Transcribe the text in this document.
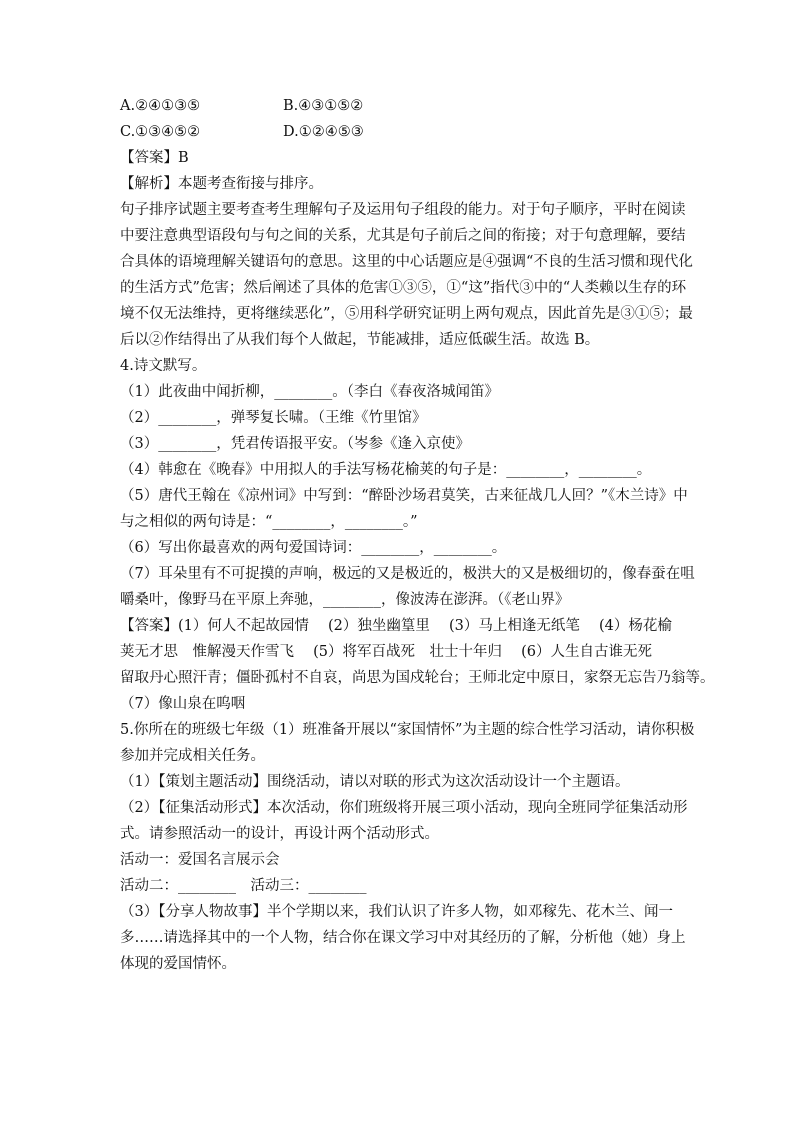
A.②④①③⑤	B.④③①⑤②
C.①③④⑤②	D.①②④⑤③
【答案】B
【解析】本题考查衔接与排序。
句子排序试题主要考查考生理解句子及运用句子组段的能力。对于句子顺序，平时在阅读
中要注意典型语段句与句之间的关系，尤其是句子前后之间的衔接；对于句意理解，要结
合具体的语境理解关键语句的意思。这里的中心话题应是④强调“不良的生活习惯和现代化
的生活方式”危害；然后阐述了具体的危害①③⑤，①“这”指代③中的“人类赖以生存的环
境不仅无法维持，更将继续恶化”，⑤用科学研究证明上两句观点，因此首先是③①⑤；最
后以②作结得出了从我们每个人做起，节能减排，适应低碳生活。故选 B。
4.诗文默写。
（1）此夜曲中闻折柳，________。（李白《春夜洛城闻笛》
（2）________，弹琴复长啸。（王维《竹里馆》
（3）________，凭君传语报平安。（岑参《逢入京使》
（4）韩愈在《晚春》中用拟人的手法写杨花榆荚的句子是：________，________。
（5）唐代王翰在《凉州词》中写到：“醉卧沙场君莫笑，古来征战几人回？”《木兰诗》中
与之相似的两句诗是：“________，________。”
（6）写出你最喜欢的两句爱国诗词：________，________。
（7）耳朵里有不可捉摸的声响，极远的又是极近的，极洪大的又是极细切的，像春蚕在咀
嚼桑叶，像野马在平原上奔驰，________，像波涛在澎湃。（《老山界》
【答案】(1）何人不起故园情　 (2）独坐幽篁里　 (3）马上相逢无纸笔　 (4）杨花榆
荚无才思　惟解漫天作雪飞　 (5）将军百战死　壮士十年归　 (6）人生自古谁无死
留取丹心照汗青；僵卧孤村不自哀，尚思为国戍轮台；王师北定中原日，家祭无忘告乃翁等。
（7）像山泉在呜咽
5.你所在的班级七年级（1）班准备开展以“家国情怀”为主题的综合性学习活动，请你积极
参加并完成相关任务。
（1）【策划主题活动】围绕活动，请以对联的形式为这次活动设计一个主题语。
（2）【征集活动形式】本次活动，你们班级将开展三项小活动，现向全班同学征集活动形
式。请参照活动一的设计，再设计两个活动形式。
活动一：爱国名言展示会
活动二：________　活动三：________
（3）【分享人物故事】半个学期以来，我们认识了许多人物，如邓稼先、花木兰、闻一
多……请选择其中的一个人物，结合你在课文学习中对其经历的了解，分析他（她）身上
体现的爱国情怀。
